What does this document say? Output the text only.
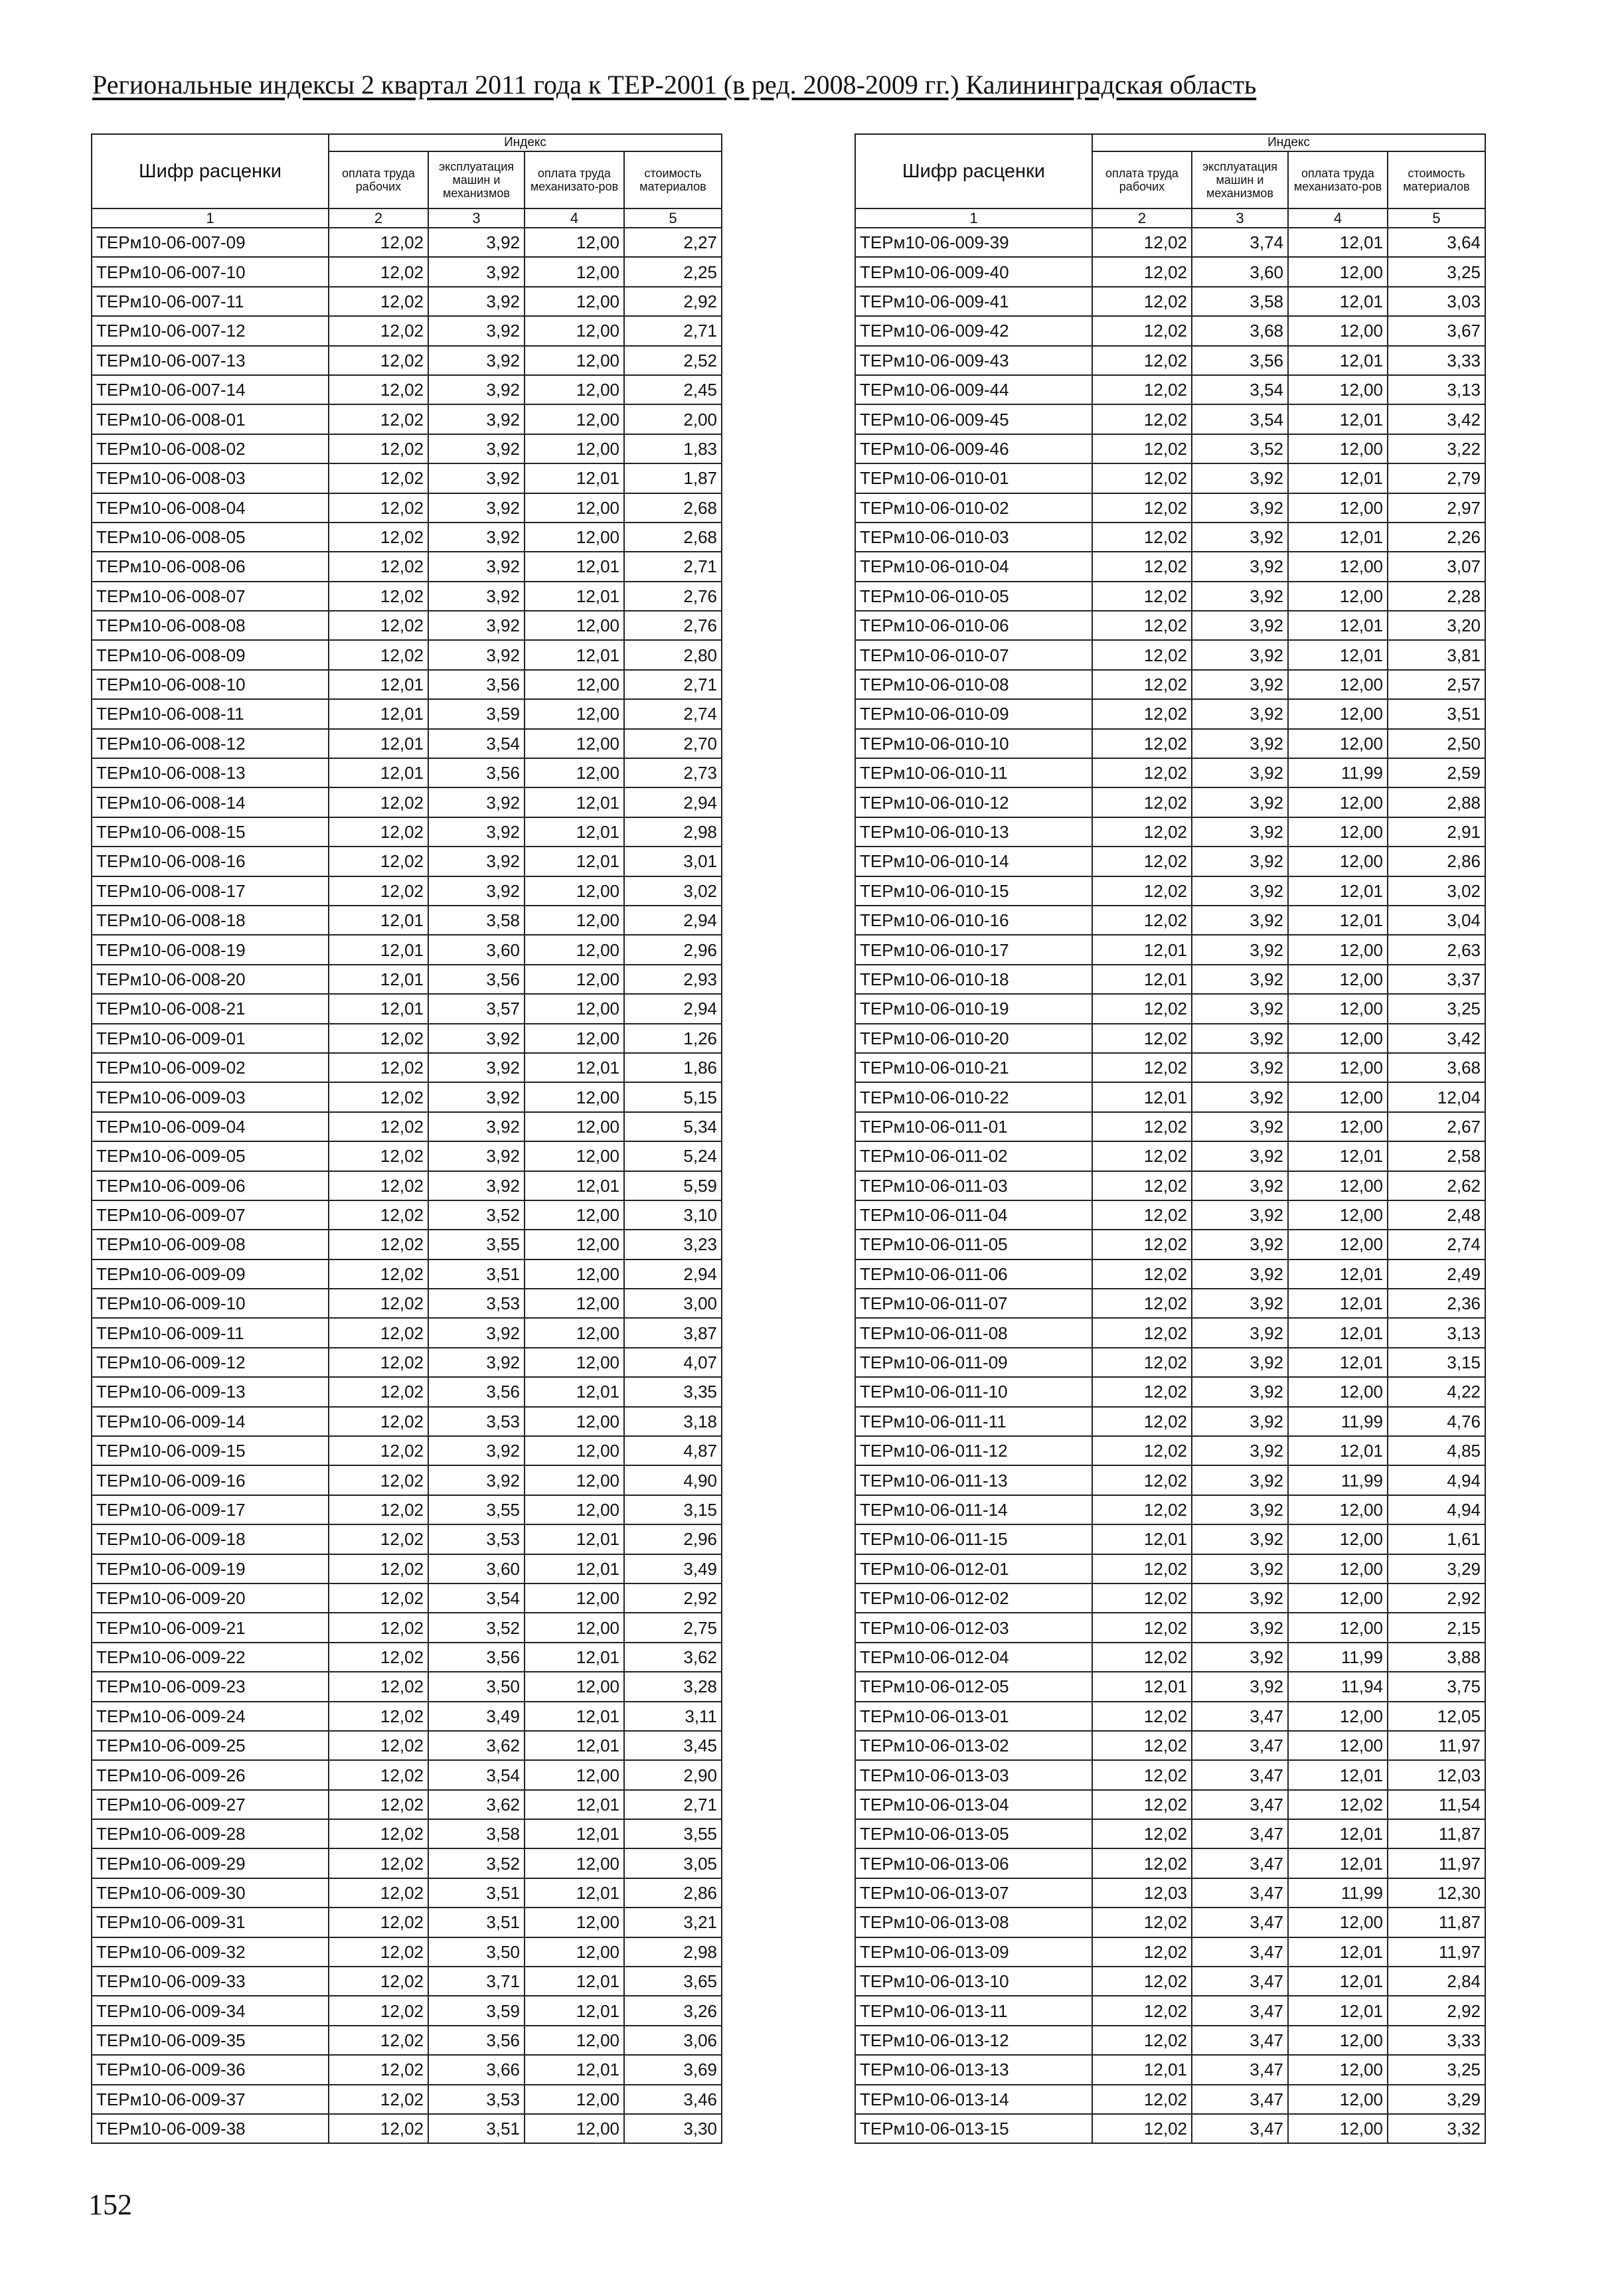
Региональные индексы 2 квартал 2011 года к ТЕР-2001 (в ред. 2008-2009 гг.) Калининградская область
Шифр расценки	Индекс			
	оплата труда рабочих	эксплуатация машин и механизмов	оплата труда механизато-ров	стоимость материалов
1	2	3	4	5
ТЕРм10-06-007-09	12,02	3,92	12,00	2,27
ТЕРм10-06-007-10	12,02	3,92	12,00	2,25
ТЕРм10-06-007-11	12,02	3,92	12,00	2,92
ТЕРм10-06-007-12	12,02	3,92	12,00	2,71
ТЕРм10-06-007-13	12,02	3,92	12,00	2,52
ТЕРм10-06-007-14	12,02	3,92	12,00	2,45
ТЕРм10-06-008-01	12,02	3,92	12,00	2,00
ТЕРм10-06-008-02	12,02	3,92	12,00	1,83
ТЕРм10-06-008-03	12,02	3,92	12,01	1,87
ТЕРм10-06-008-04	12,02	3,92	12,00	2,68
ТЕРм10-06-008-05	12,02	3,92	12,00	2,68
ТЕРм10-06-008-06	12,02	3,92	12,01	2,71
ТЕРм10-06-008-07	12,02	3,92	12,01	2,76
ТЕРм10-06-008-08	12,02	3,92	12,00	2,76
ТЕРм10-06-008-09	12,02	3,92	12,01	2,80
ТЕРм10-06-008-10	12,01	3,56	12,00	2,71
ТЕРм10-06-008-11	12,01	3,59	12,00	2,74
ТЕРм10-06-008-12	12,01	3,54	12,00	2,70
ТЕРм10-06-008-13	12,01	3,56	12,00	2,73
ТЕРм10-06-008-14	12,02	3,92	12,01	2,94
ТЕРм10-06-008-15	12,02	3,92	12,01	2,98
ТЕРм10-06-008-16	12,02	3,92	12,01	3,01
ТЕРм10-06-008-17	12,02	3,92	12,00	3,02
ТЕРм10-06-008-18	12,01	3,58	12,00	2,94
ТЕРм10-06-008-19	12,01	3,60	12,00	2,96
ТЕРм10-06-008-20	12,01	3,56	12,00	2,93
ТЕРм10-06-008-21	12,01	3,57	12,00	2,94
ТЕРм10-06-009-01	12,02	3,92	12,00	1,26
ТЕРм10-06-009-02	12,02	3,92	12,01	1,86
ТЕРм10-06-009-03	12,02	3,92	12,00	5,15
ТЕРм10-06-009-04	12,02	3,92	12,00	5,34
ТЕРм10-06-009-05	12,02	3,92	12,00	5,24
ТЕРм10-06-009-06	12,02	3,92	12,01	5,59
ТЕРм10-06-009-07	12,02	3,52	12,00	3,10
ТЕРм10-06-009-08	12,02	3,55	12,00	3,23
ТЕРм10-06-009-09	12,02	3,51	12,00	2,94
ТЕРм10-06-009-10	12,02	3,53	12,00	3,00
ТЕРм10-06-009-11	12,02	3,92	12,00	3,87
ТЕРм10-06-009-12	12,02	3,92	12,00	4,07
ТЕРм10-06-009-13	12,02	3,56	12,01	3,35
ТЕРм10-06-009-14	12,02	3,53	12,00	3,18
ТЕРм10-06-009-15	12,02	3,92	12,00	4,87
ТЕРм10-06-009-16	12,02	3,92	12,00	4,90
ТЕРм10-06-009-17	12,02	3,55	12,00	3,15
ТЕРм10-06-009-18	12,02	3,53	12,01	2,96
ТЕРм10-06-009-19	12,02	3,60	12,01	3,49
ТЕРм10-06-009-20	12,02	3,54	12,00	2,92
ТЕРм10-06-009-21	12,02	3,52	12,00	2,75
ТЕРм10-06-009-22	12,02	3,56	12,01	3,62
ТЕРм10-06-009-23	12,02	3,50	12,00	3,28
ТЕРм10-06-009-24	12,02	3,49	12,01	3,11
ТЕРм10-06-009-25	12,02	3,62	12,01	3,45
ТЕРм10-06-009-26	12,02	3,54	12,00	2,90
ТЕРм10-06-009-27	12,02	3,62	12,01	2,71
ТЕРм10-06-009-28	12,02	3,58	12,01	3,55
ТЕРм10-06-009-29	12,02	3,52	12,00	3,05
ТЕРм10-06-009-30	12,02	3,51	12,01	2,86
ТЕРм10-06-009-31	12,02	3,51	12,00	3,21
ТЕРм10-06-009-32	12,02	3,50	12,00	2,98
ТЕРм10-06-009-33	12,02	3,71	12,01	3,65
ТЕРм10-06-009-34	12,02	3,59	12,01	3,26
ТЕРм10-06-009-35	12,02	3,56	12,00	3,06
ТЕРм10-06-009-36	12,02	3,66	12,01	3,69
ТЕРм10-06-009-37	12,02	3,53	12,00	3,46
ТЕРм10-06-009-38	12,02	3,51	12,00	3,30
Шифр расценки	Индекс			
	оплата труда рабочих	эксплуатация машин и механизмов	оплата труда механизато-ров	стоимость материалов
1	2	3	4	5
ТЕРм10-06-009-39	12,02	3,74	12,01	3,64
ТЕРм10-06-009-40	12,02	3,60	12,00	3,25
ТЕРм10-06-009-41	12,02	3,58	12,01	3,03
ТЕРм10-06-009-42	12,02	3,68	12,00	3,67
ТЕРм10-06-009-43	12,02	3,56	12,01	3,33
ТЕРм10-06-009-44	12,02	3,54	12,00	3,13
ТЕРм10-06-009-45	12,02	3,54	12,01	3,42
ТЕРм10-06-009-46	12,02	3,52	12,00	3,22
ТЕРм10-06-010-01	12,02	3,92	12,01	2,79
ТЕРм10-06-010-02	12,02	3,92	12,00	2,97
ТЕРм10-06-010-03	12,02	3,92	12,01	2,26
ТЕРм10-06-010-04	12,02	3,92	12,00	3,07
ТЕРм10-06-010-05	12,02	3,92	12,00	2,28
ТЕРм10-06-010-06	12,02	3,92	12,01	3,20
ТЕРм10-06-010-07	12,02	3,92	12,01	3,81
ТЕРм10-06-010-08	12,02	3,92	12,00	2,57
ТЕРм10-06-010-09	12,02	3,92	12,00	3,51
ТЕРм10-06-010-10	12,02	3,92	12,00	2,50
ТЕРм10-06-010-11	12,02	3,92	11,99	2,59
ТЕРм10-06-010-12	12,02	3,92	12,00	2,88
ТЕРм10-06-010-13	12,02	3,92	12,00	2,91
ТЕРм10-06-010-14	12,02	3,92	12,00	2,86
ТЕРм10-06-010-15	12,02	3,92	12,01	3,02
ТЕРм10-06-010-16	12,02	3,92	12,01	3,04
ТЕРм10-06-010-17	12,01	3,92	12,00	2,63
ТЕРм10-06-010-18	12,01	3,92	12,00	3,37
ТЕРм10-06-010-19	12,02	3,92	12,00	3,25
ТЕРм10-06-010-20	12,02	3,92	12,00	3,42
ТЕРм10-06-010-21	12,02	3,92	12,00	3,68
ТЕРм10-06-010-22	12,01	3,92	12,00	12,04
ТЕРм10-06-011-01	12,02	3,92	12,00	2,67
ТЕРм10-06-011-02	12,02	3,92	12,01	2,58
ТЕРм10-06-011-03	12,02	3,92	12,00	2,62
ТЕРм10-06-011-04	12,02	3,92	12,00	2,48
ТЕРм10-06-011-05	12,02	3,92	12,00	2,74
ТЕРм10-06-011-06	12,02	3,92	12,01	2,49
ТЕРм10-06-011-07	12,02	3,92	12,01	2,36
ТЕРм10-06-011-08	12,02	3,92	12,01	3,13
ТЕРм10-06-011-09	12,02	3,92	12,01	3,15
ТЕРм10-06-011-10	12,02	3,92	12,00	4,22
ТЕРм10-06-011-11	12,02	3,92	11,99	4,76
ТЕРм10-06-011-12	12,02	3,92	12,01	4,85
ТЕРм10-06-011-13	12,02	3,92	11,99	4,94
ТЕРм10-06-011-14	12,02	3,92	12,00	4,94
ТЕРм10-06-011-15	12,01	3,92	12,00	1,61
ТЕРм10-06-012-01	12,02	3,92	12,00	3,29
ТЕРм10-06-012-02	12,02	3,92	12,00	2,92
ТЕРм10-06-012-03	12,02	3,92	12,00	2,15
ТЕРм10-06-012-04	12,02	3,92	11,99	3,88
ТЕРм10-06-012-05	12,01	3,92	11,94	3,75
ТЕРм10-06-013-01	12,02	3,47	12,00	12,05
ТЕРм10-06-013-02	12,02	3,47	12,00	11,97
ТЕРм10-06-013-03	12,02	3,47	12,01	12,03
ТЕРм10-06-013-04	12,02	3,47	12,02	11,54
ТЕРм10-06-013-05	12,02	3,47	12,01	11,87
ТЕРм10-06-013-06	12,02	3,47	12,01	11,97
ТЕРм10-06-013-07	12,03	3,47	11,99	12,30
ТЕРм10-06-013-08	12,02	3,47	12,00	11,87
ТЕРм10-06-013-09	12,02	3,47	12,01	11,97
ТЕРм10-06-013-10	12,02	3,47	12,01	2,84
ТЕРм10-06-013-11	12,02	3,47	12,01	2,92
ТЕРм10-06-013-12	12,02	3,47	12,00	3,33
ТЕРм10-06-013-13	12,01	3,47	12,00	3,25
ТЕРм10-06-013-14	12,02	3,47	12,00	3,29
ТЕРм10-06-013-15	12,02	3,47	12,00	3,32
152
